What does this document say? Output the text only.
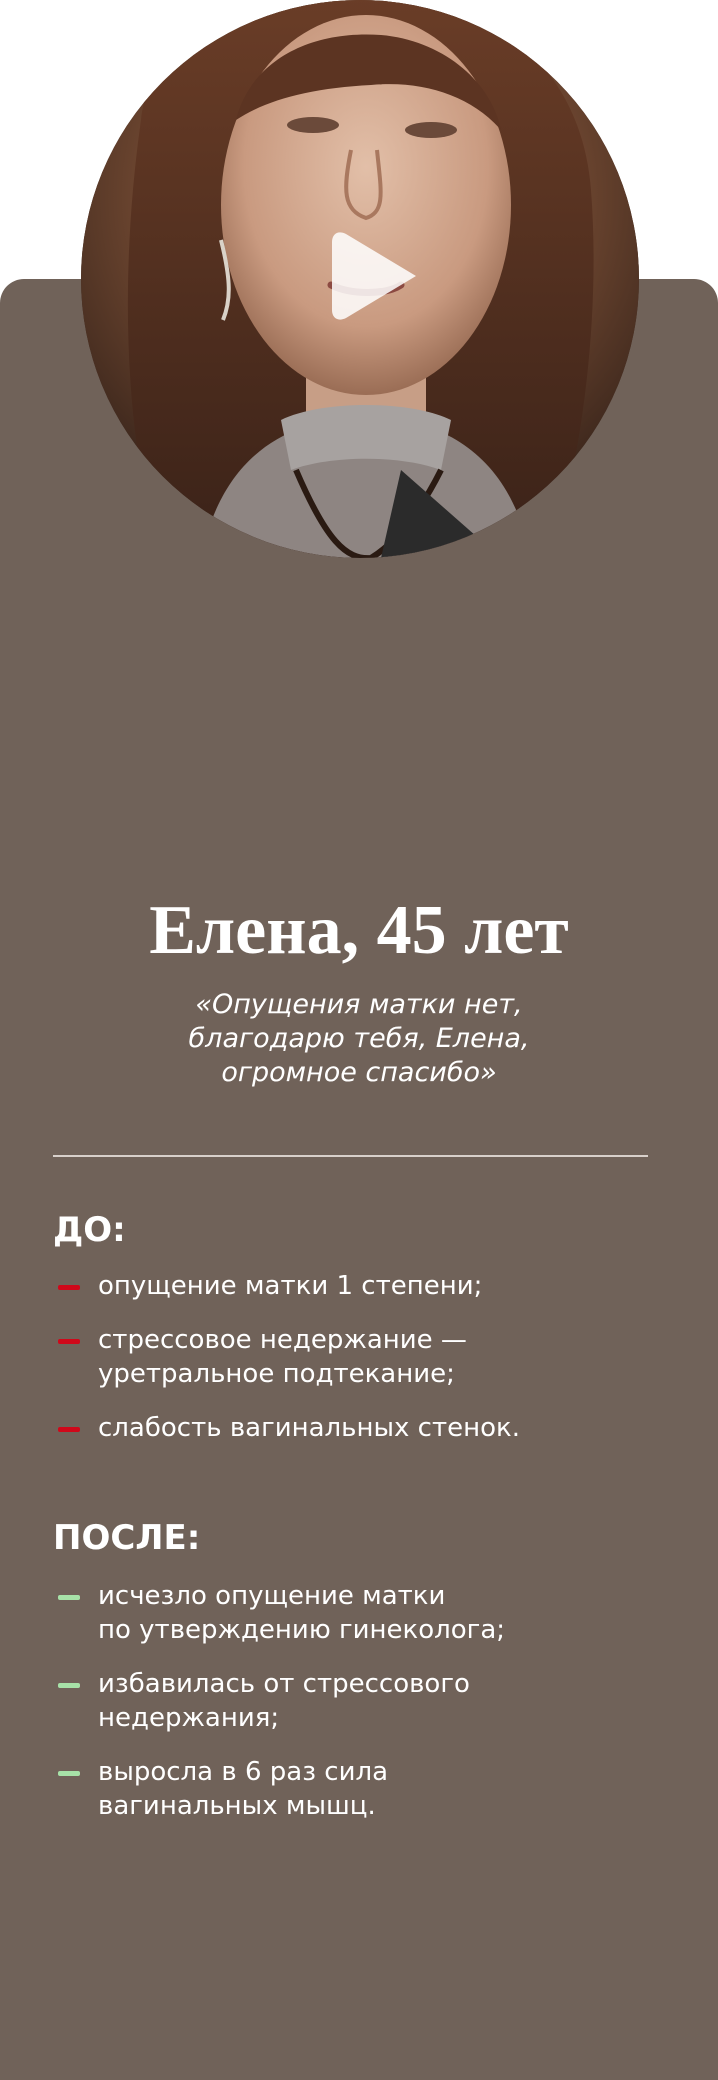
Елена, 45 лет
«Опущения матки нет,
благодарю тебя, Елена,
огромное спасибо»
ДО:
опущение матки 1 степени;
стрессовое недержание —
уретральное подтекание;
слабость вагинальных стенок.
ПОСЛЕ:
исчезло опущение матки
по утверждению гинеколога;
избавилась от стрессового
недержания;
выросла в 6 раз сила
вагинальных мышц.
